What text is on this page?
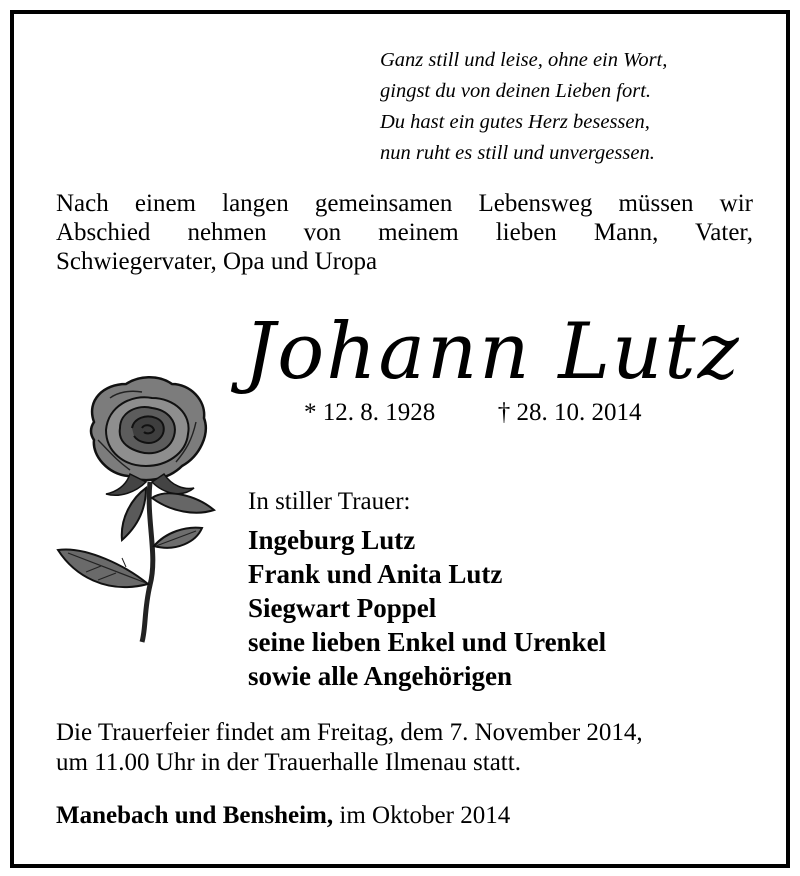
Ganz still und leise, ohne ein Wort,
gingst du von deinen Lieben fort.
Du hast ein gutes Herz besessen,
nun ruht es still und unvergessen.
Nach einem langen gemeinsamen Lebensweg müssen wir
Abschied nehmen von meinem lieben Mann, Vater,
Schwiegervater, Opa und Uropa
Johann Lutz
* 12. 8. 1928	† 28. 10. 2014
In stiller Trauer:
Ingeburg Lutz
Frank und Anita Lutz
Siegwart Poppel
seine lieben Enkel und Urenkel
sowie alle Angehörigen
Die Trauerfeier findet am Freitag, dem 7. November 2014,
um 11.00 Uhr in der Trauerhalle Ilmenau statt.
Manebach und Bensheim, im Oktober 2014
